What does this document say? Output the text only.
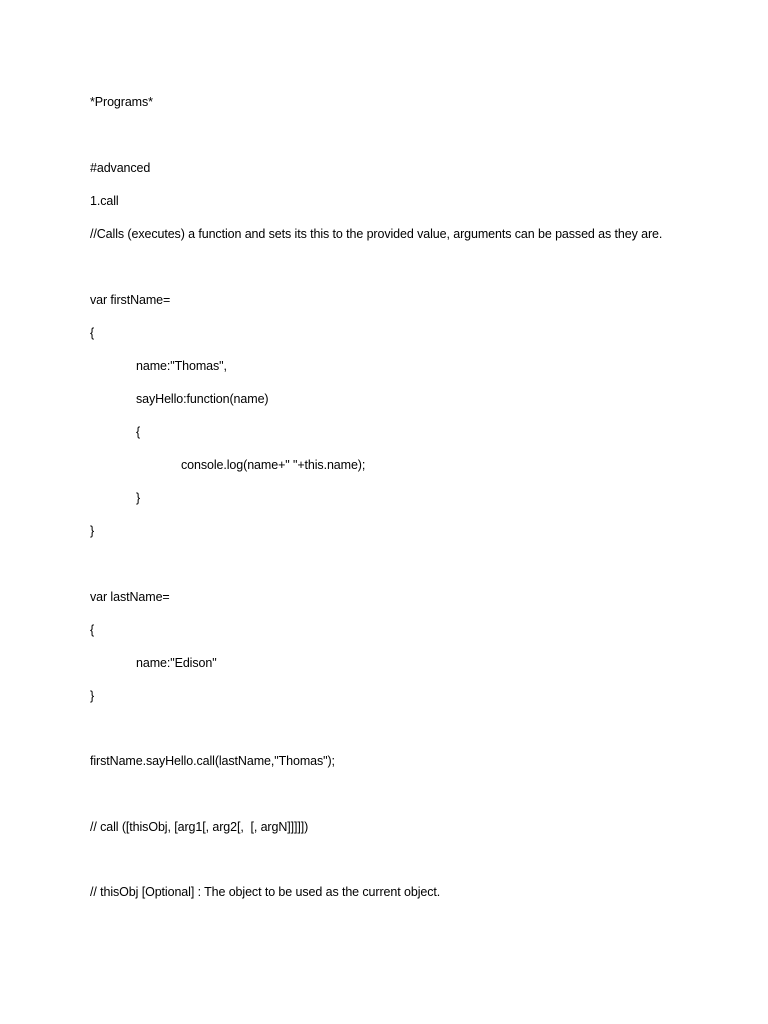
*Programs*
#advanced
1.call
//Calls (executes) a function and sets its this to the provided value, arguments can be passed as they are.
var firstName=
{
name:"Thomas",
sayHello:function(name)
{
console.log(name+" "+this.name);
}
}
var lastName=
{
name:"Edison"
}
firstName.sayHello.call(lastName,"Thomas");
// call ([thisObj, [arg1[, arg2[,  [, argN]]]]])
// thisObj [Optional] : The object to be used as the current object.
